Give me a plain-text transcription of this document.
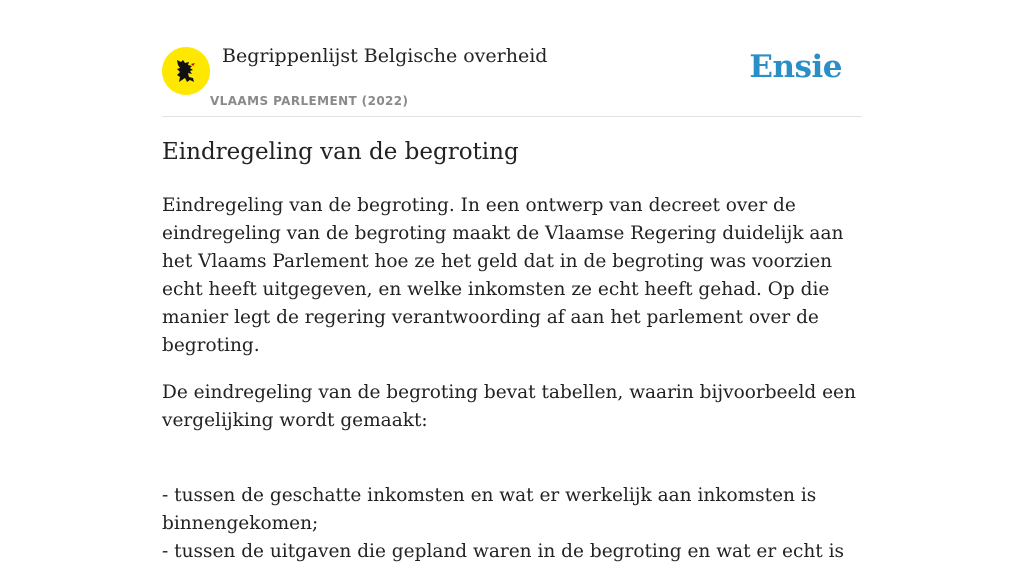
Begrippenlijst Belgische overheid
VLAAMS PARLEMENT (2022)
Ensie
Eindregeling van de begroting

Eindregeling van de begroting. In een ontwerp van decreet over de eindregeling van de begroting maakt de Vlaamse Regering duidelijk aan het Vlaams Parlement hoe ze het geld dat in de begroting was voorzien echt heeft uitgegeven, en welke inkomsten ze echt heeft gehad. Op die manier legt de regering verantwoording af aan het parlement over de begroting.

De eindregeling van de begroting bevat tabellen, waarin bijvoorbeeld een vergelijking wordt gemaakt:

- tussen de geschatte inkomsten en wat er werkelijk aan inkomsten is binnengekomen;

- tussen de uitgaven die gepland waren in de begroting en wat er echt is
